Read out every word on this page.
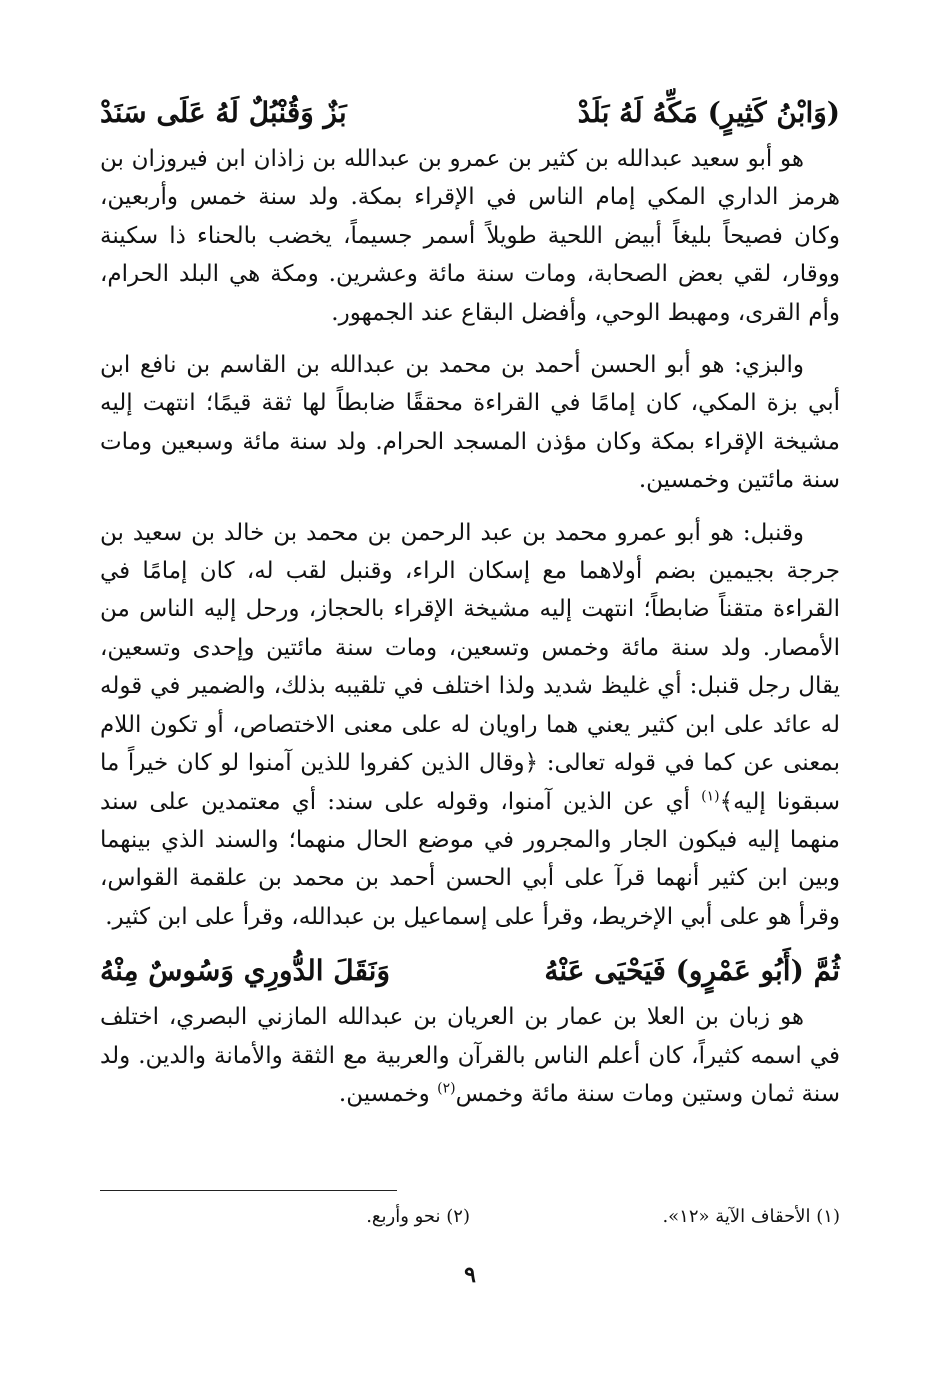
(وَابْنُ كَثِيرٍ) مَكِّهُ لَهُ بَلَدْ
بَزٌ وَقُنْبُلٌ لَهُ عَلَى سَنَدْ

هو أبو سعيد عبدالله بن كثير بن عمرو بن عبدالله بن زاذان ابن فيروزان بن هرمز الداري المكي إمام الناس في الإقراء بمكة. ولد سنة خمس وأربعين، وكان فصيحاً بليغاً أبيض اللحية طويلاً أسمر جسيماً، يخضب بالحناء ذا سكينة ووقار، لقي بعض الصحابة، ومات سنة مائة وعشرين. ومكة هي البلد الحرام، وأم القرى، ومهبط الوحي، وأفضل البقاع عند الجمهور.

والبزي: هو أبو الحسن أحمد بن محمد بن عبدالله بن القاسم بن نافع ابن أبي بزة المكي، كان إمامًا في القراءة محققًا ضابطاً لها ثقة قيمًا؛ انتهت إليه مشيخة الإقراء بمكة وكان مؤذن المسجد الحرام. ولد سنة مائة وسبعين ومات سنة مائتين وخمسين.

وقنبل: هو أبو عمرو محمد بن عبد الرحمن بن محمد بن خالد بن سعيد بن جرجة بجيمين بضم أولاهما مع إسكان الراء، وقنبل لقب له، كان إمامًا في القراءة متقناً ضابطاً؛ انتهت إليه مشيخة الإقراء بالحجاز، ورحل إليه الناس من الأمصار. ولد سنة مائة وخمس وتسعين، ومات سنة مائتين وإحدى وتسعين، يقال رجل قنبل: أي غليظ شديد ولذا اختلف في تلقيبه بذلك، والضمير في قوله له عائد على ابن كثير يعني هما راويان له على معنى الاختصاص، أو تكون اللام بمعنى عن كما في قوله تعالى: ﴿وقال الذين كفروا للذين آمنوا لو كان خيراً ما سبقونا إليه﴾$^{(١)}$ أي عن الذين آمنوا، وقوله على سند: أي معتمدين على سند منهما إليه فيكون الجار والمجرور في موضع الحال منهما؛ والسند الذي بينهما وبين ابن كثير أنهما قرآ على أبي الحسن أحمد بن محمد بن علقمة القواس، وقرأ هو على أبي الإخريط، وقرأ على إسماعيل بن عبدالله، وقرأ على ابن كثير.

ثُمَّ (أَبُو عَمْرٍو) فَيَحْيَى عَنْهُ
وَنَقَلَ الدُّورِي وَسُوسٌ مِنْهُ

هو زبان بن العلا بن عمار بن العريان بن عبدالله المازني البصري، اختلف في اسمه كثيراً، كان أعلم الناس بالقرآن والعربية مع الثقة والأمانة والدين. ولد سنة ثمان وستين ومات سنة مائة وخمس$^{(٢)}$ وخمسين.

(١) الأحقاف الآية «١٢».
(٢) نحو وأربع.
٩
